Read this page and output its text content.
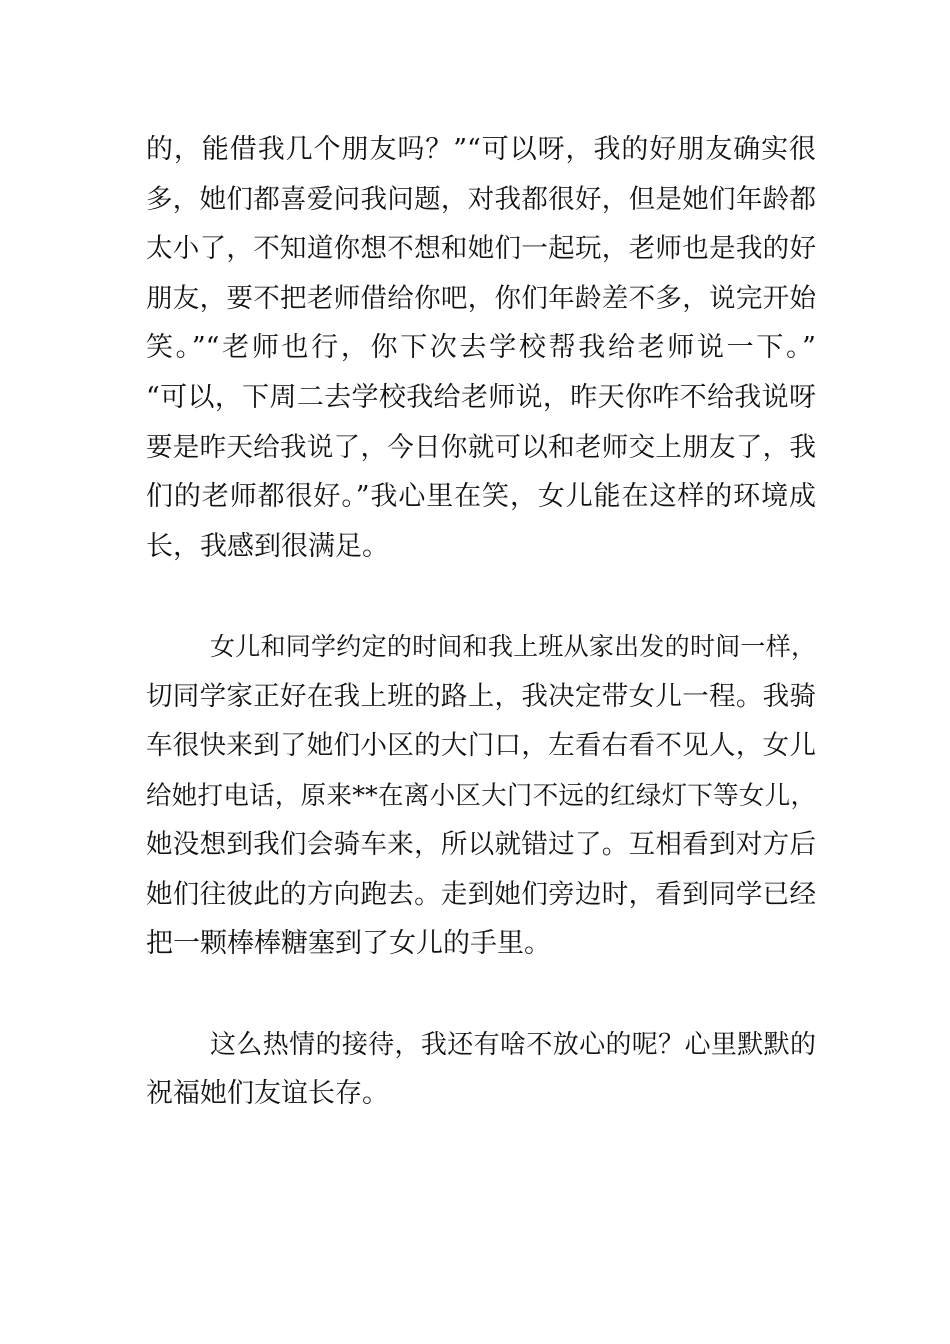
的，能借我几个朋友吗？”“可以呀，我的好朋友确实很

多，她们都喜爱问我问题，对我都很好，但是她们年龄都

太小了，不知道你想不想和她们一起玩，老师也是我的好

朋友，要不把老师借给你吧，你们年龄差不多，说完开始

笑。”“老师也行，你下次去学校帮我给老师说一下。”

“可以，下周二去学校我给老师说，昨天你咋不给我说呀

要是昨天给我说了，今日你就可以和老师交上朋友了，我

们的老师都很好。”我心里在笑，女儿能在这样的环境成

长，我感到很满足。

女儿和同学约定的时间和我上班从家出发的时间一样，

切同学家正好在我上班的路上，我决定带女儿一程。我骑

车很快来到了她们小区的大门口，左看右看不见人，女儿

给她打电话，原来**在离小区大门不远的红绿灯下等女儿，

她没想到我们会骑车来，所以就错过了。互相看到对方后

她们往彼此的方向跑去。走到她们旁边时，看到同学已经

把一颗棒棒糖塞到了女儿的手里。

这么热情的接待，我还有啥不放心的呢？心里默默的

祝福她们友谊长存。
